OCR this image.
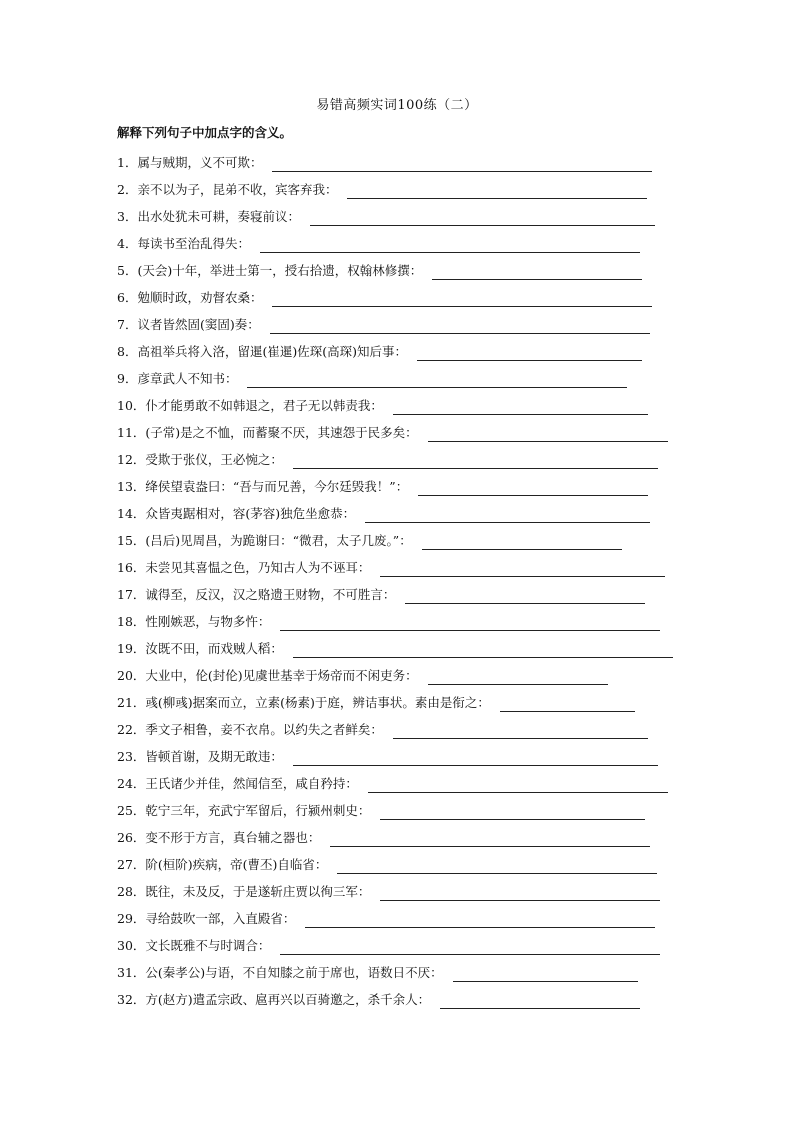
易错高频实词100练（二）
解释下列句子中加点字的含义。
1． 属与贼期，义不可欺：
2． 亲不以为子，昆弟不收，宾客弃我：
3． 出水处犹未可耕，奏寝前议：
4． 每读书至治乱得失：
5． (天会)十年，举进士第一，授右拾遗，权翰林修撰：
6． 勉顺时政，劝督农桑：
7． 议者皆然固(窦固)奏：
8． 高祖举兵将入洛，留暹(崔暹)佐琛(高琛)知后事：
9． 彦章武人不知书：
10． 仆才能勇敢不如韩退之，君子无以韩责我：
11． (子常)是之不恤，而蓄聚不厌，其速怨于民多矣：
12． 受欺于张仪，王必惋之：
13． 绛侯望袁盎曰：“吾与而兄善，今尔廷毁我！”：
14． 众皆夷踞相对，容(茅容)独危坐愈恭：
15． (吕后)见周昌，为跪谢曰：“微君，太子几废。”：
16． 未尝见其喜愠之色，乃知古人为不诬耳：
17． 诚得至，反汉，汉之赂遗王财物，不可胜言：
18． 性刚嫉恶，与物多忤：
19． 汝既不田，而戏贼人稻：
20． 大业中，伦(封伦)见虞世基幸于炀帝而不闲吏务：
21． 彧(柳彧)据案而立，立素(杨素)于庭，辨诘事状。素由是衔之：
22． 季文子相鲁，妾不衣帛。以约失之者鲜矣：
23． 皆顿首谢，及期无敢违：
24． 王氏诸少并佳，然闻信至，咸自矜持：
25． 乾宁三年，充武宁军留后，行颍州刺史：
26． 变不形于方言，真台辅之器也：
27． 阶(桓阶)疾病，帝(曹丕)自临省：
28． 既往，未及反，于是遂斩庄贾以徇三军：
29． 寻给鼓吹一部，入直殿省：
30． 文长既雅不与时调合：
31． 公(秦孝公)与语，不自知膝之前于席也，语数日不厌：
32． 方(赵方)遣孟宗政、扈再兴以百骑邀之，杀千余人：
